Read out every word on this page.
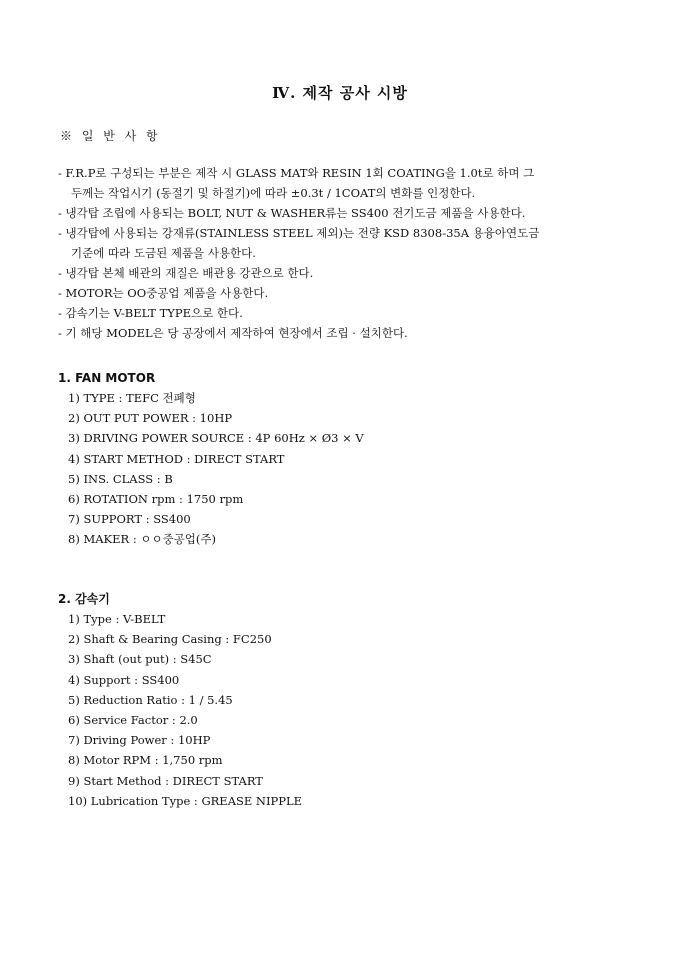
Ⅳ. 제작 공사 시방
※ 일 반 사 항
- F.R.P로 구성되는 부분은 제작 시 GLASS MAT와 RESIN 1회 COATING을 1.0t로 하며 그
두께는 작업시기 (동절기 및 하절기)에 따라 ±0.3t / 1COAT의 변화를 인정한다.
- 냉각탑 조립에 사용되는 BOLT, NUT & WASHER류는 SS400 전기도금 제품을 사용한다.
- 냉각탑에 사용되는 강재류(STAINLESS STEEL 제외)는 전량 KSD 8308-35A 용융아연도금
기준에 따라 도금된 제품을 사용한다.
- 냉각탑 본체 배관의 재질은 배관용 강관으로 한다.
- MOTOR는 OO중공업 제품을 사용한다.
- 감속기는 V-BELT TYPE으로 한다.
- 기 해당 MODEL은 당 공장에서 제작하여 현장에서 조립 · 설치한다.
1. FAN MOTOR
1) TYPE : TEFC 전폐형
2) OUT PUT POWER : 10HP
3) DRIVING POWER SOURCE : 4P 60Hz × Ø3 × V
4) START METHOD : DIRECT START
5) INS. CLASS : B
6) ROTATION rpm : 1750 rpm
7) SUPPORT : SS400
8) MAKER : ㅇㅇ중공업(주)
2. 감속기
1) Type : V-BELT
2) Shaft & Bearing Casing : FC250
3) Shaft (out put) : S45C
4) Support : SS400
5) Reduction Ratio : 1 / 5.45
6) Service Factor : 2.0
7) Driving Power : 10HP
8) Motor RPM : 1,750 rpm
9) Start Method : DIRECT START
10) Lubrication Type : GREASE NIPPLE
